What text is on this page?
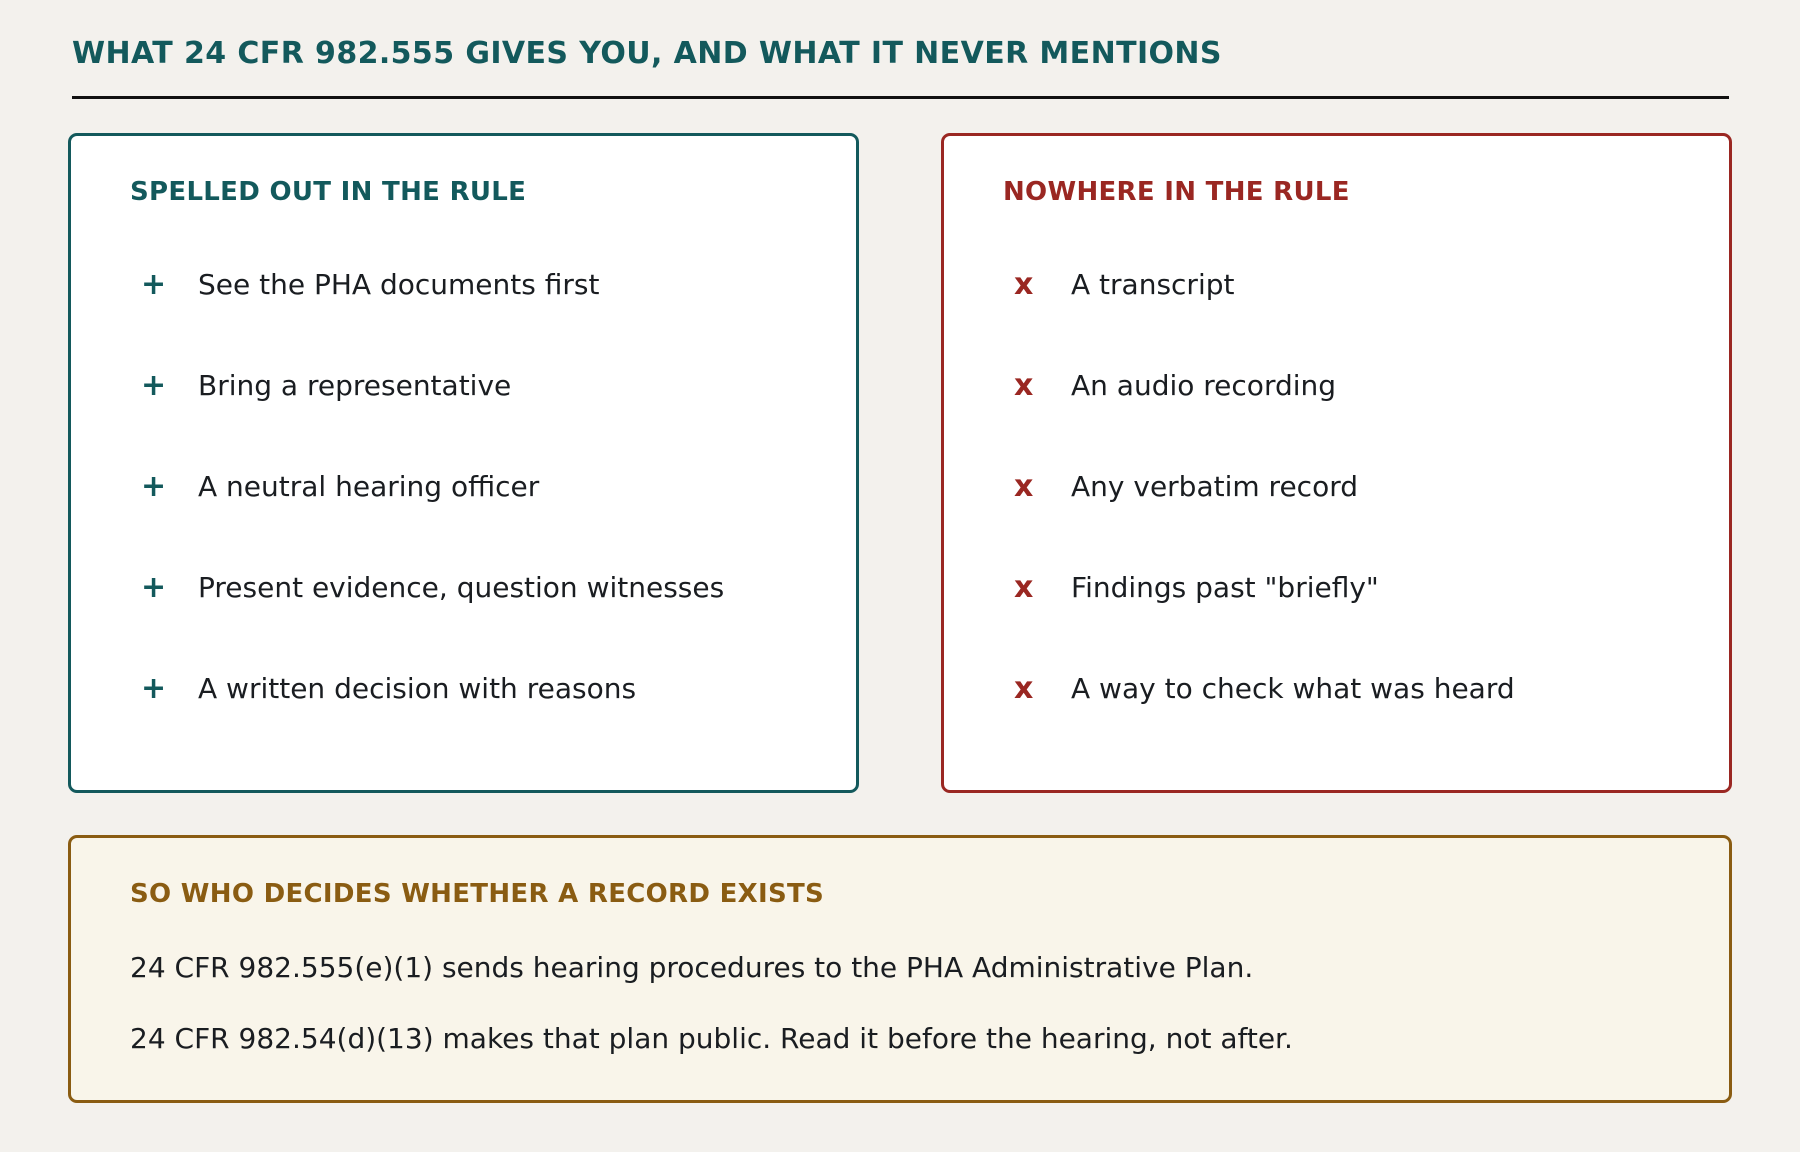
WHAT 24 CFR 982.555 GIVES YOU, AND WHAT IT NEVER MENTIONS
SPELLED OUT IN THE RULE
+	See the PHA documents first
+	Bring a representative
+	A neutral hearing officer
+	Present evidence, question witnesses
+	A written decision with reasons
NOWHERE IN THE RULE
x	A transcript
x	An audio recording
x	Any verbatim record
x	Findings past "briefly"
x	A way to check what was heard
SO WHO DECIDES WHETHER A RECORD EXISTS

24 CFR 982.555(e)(1) sends hearing procedures to the PHA Administrative Plan.

24 CFR 982.54(d)(13) makes that plan public. Read it before the hearing, not after.
